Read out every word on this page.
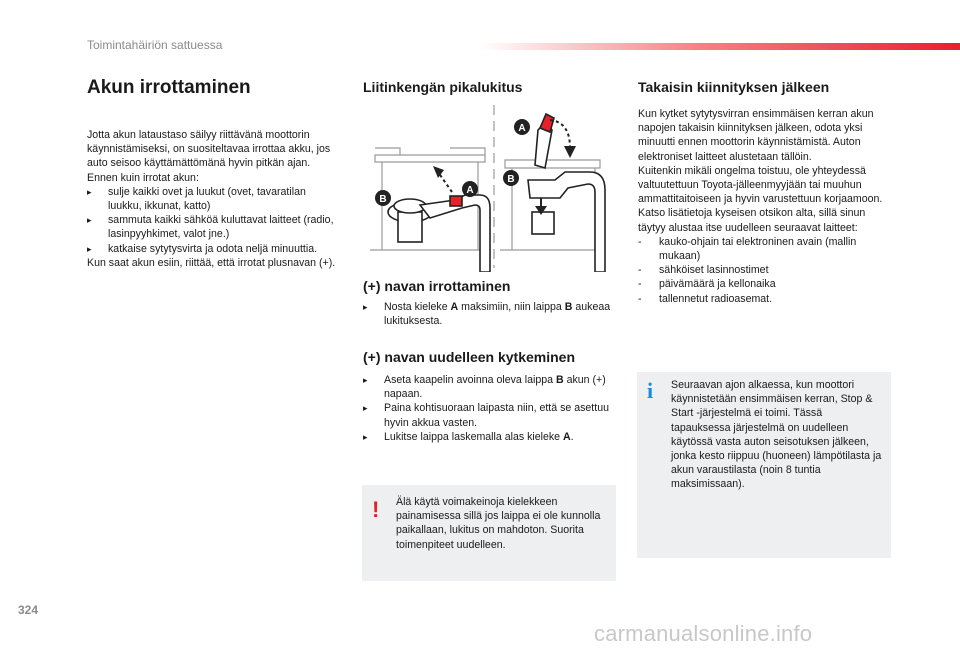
Toimintahäiriön sattuessa
Akun irrottaminen

Jotta akun lataustaso säilyy riittävänä moottorin käynnistämiseksi, on suositeltavaa irrottaa akku, jos auto seisoo käyttämättömänä hyvin pitkän ajan.

Ennen kuin irrotat akun:

▸	sulje kaikki ovet ja luukut (ovet, tavaratilan luukku, ikkunat, katto)
▸	sammuta kaikki sähköä kuluttavat laitteet (radio, lasinpyyhkimet, valot jne.)
▸	katkaise sytytysvirta ja odota neljä minuuttia.

Kun saat akun esiin, riittää, että irrotat plusnavan (+).

Liitinkengän pikalukitus
B
A
A
B
(+) navan irrottaminen
▸	Nosta kieleke A maksimiin, niin laippa B aukeaa lukituksesta.
(+) navan uudelleen kytkeminen
▸	Aseta kaapelin avoinna oleva laippa B akun (+) napaan.
▸	Paina kohtisuoraan laipasta niin, että se asettuu hyvin akkua vasten.
▸	Lukitse laippa laskemalla alas kieleke A.
! Älä käytä voimakeinoja kielekkeen painamisessa sillä jos laippa ei ole kunnolla paikallaan, lukitus on mahdoton. Suorita toimenpiteet uudelleen.
Takaisin kiinnityksen jälkeen

Kun kytket sytytysvirran ensimmäisen kerran akun napojen takaisin kiinnityksen jälkeen, odota yksi minuutti ennen moottorin käynnistämistä. Auton elektroniset laitteet alustetaan tällöin.

Kuitenkin mikäli ongelma toistuu, ole yhteydessä valtuutettuun Toyota-jälleenmyyjään tai muuhun ammattitaitoiseen ja hyvin varustettuun korjaamoon.

Katso lisätietoja kyseisen otsikon alta, sillä sinun täytyy alustaa itse uudelleen seuraavat laitteet:

-	kauko-ohjain tai elektroninen avain (mallin mukaan)
-	sähköiset lasinnostimet
-	päivämäärä ja kellonaika
-	tallennetut radioasemat.
i Seuraavan ajon alkaessa, kun moottori käynnistetään ensimmäisen kerran, Stop & Start -järjestelmä ei toimi. Tässä tapauksessa järjestelmä on uudelleen käytössä vasta auton seisotuksen jälkeen, jonka kesto riippuu (huoneen) lämpötilasta ja akun varaustilasta (noin 8 tuntia maksimissaan).
324
carmanualsonline.info
